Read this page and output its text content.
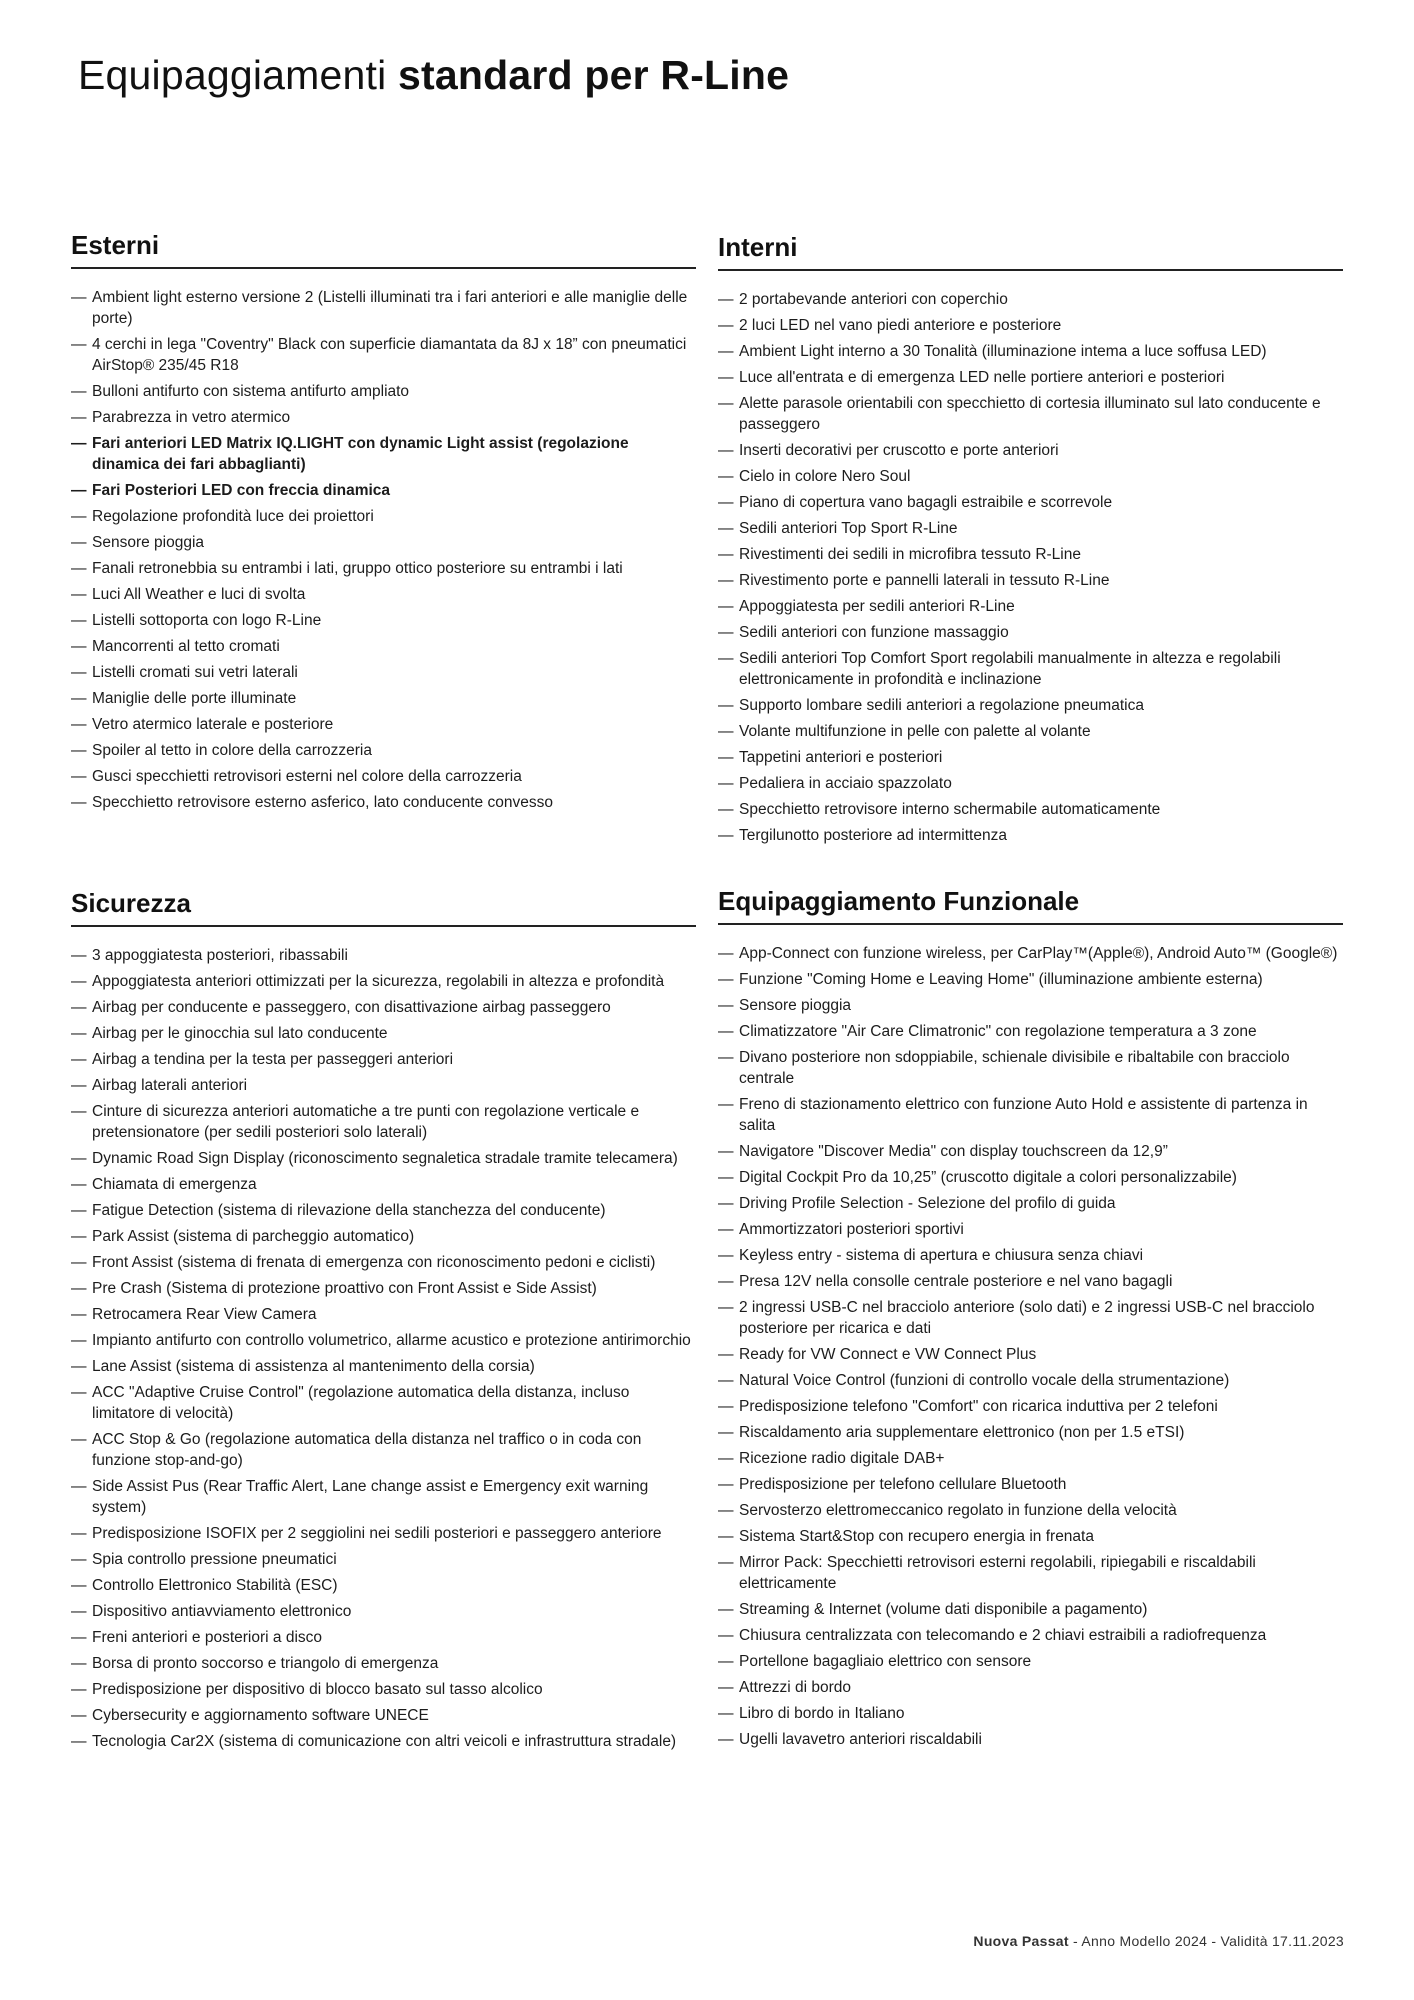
Equipaggiamenti standard per R-Line
Esterni
— Ambient light esterno versione 2 (Listelli illuminati tra i fari anteriori e alle maniglie delle porte)
— 4 cerchi in lega "Coventry" Black con superficie diamantata da 8J x 18” con pneumatici AirStop® 235/45 R18
— Bulloni antifurto con sistema antifurto ampliato
— Parabrezza in vetro atermico
— Fari anteriori LED Matrix IQ.LIGHT con dynamic Light assist (regolazione dinamica dei fari abbaglianti)
— Fari Posteriori LED con freccia dinamica
— Regolazione profondità luce dei proiettori
— Sensore pioggia
— Fanali retronebbia su entrambi i lati, gruppo ottico posteriore su entrambi i lati
— Luci All Weather e luci di svolta
— Listelli sottoporta con logo R-Line
— Mancorrenti al tetto cromati
— Listelli cromati sui vetri laterali
— Maniglie delle porte illuminate
— Vetro atermico laterale e posteriore
— Spoiler al tetto in colore della carrozzeria
— Gusci specchietti retrovisori esterni nel colore della carrozzeria
— Specchietto retrovisore esterno asferico, lato conducente convesso
Interni
— 2 portabevande anteriori con coperchio
— 2 luci LED nel vano piedi anteriore e posteriore
— Ambient Light interno a 30 Tonalità (illuminazione intema a luce soffusa LED)
— Luce all'entrata e di emergenza LED nelle portiere anteriori e posteriori
— Alette parasole orientabili con specchietto di cortesia illuminato sul lato conducente e passeggero
— Inserti decorativi per cruscotto e porte anteriori
— Cielo in colore Nero Soul
— Piano di copertura vano bagagli estraibile e scorrevole
— Sedili anteriori Top Sport R-Line
— Rivestimenti dei sedili in microfibra tessuto R-Line
— Rivestimento porte e pannelli laterali in tessuto R-Line
— Appoggiatesta per sedili anteriori R-Line
— Sedili anteriori con funzione massaggio
— Sedili anteriori Top Comfort Sport regolabili manualmente in altezza e regolabili elettronicamente in profondità e inclinazione
— Supporto lombare sedili anteriori a regolazione pneumatica
— Volante multifunzione in pelle con palette al volante
— Tappetini anteriori e posteriori
— Pedaliera in acciaio spazzolato
— Specchietto retrovisore interno schermabile automaticamente
— Tergilunotto posteriore ad intermittenza
Sicurezza
— 3 appoggiatesta posteriori, ribassabili
— Appoggiatesta anteriori ottimizzati per la sicurezza, regolabili in altezza e profondità
— Airbag per conducente e passeggero, con disattivazione airbag passeggero
— Airbag per le ginocchia sul lato conducente
— Airbag a tendina per la testa per passeggeri anteriori
— Airbag laterali anteriori
— Cinture di sicurezza anteriori automatiche a tre punti con regolazione verticale e pretensionatore (per sedili posteriori solo laterali)
— Dynamic Road Sign Display (riconoscimento segnaletica stradale tramite telecamera)
— Chiamata di emergenza
— Fatigue Detection (sistema di rilevazione della stanchezza del conducente)
— Park Assist (sistema di parcheggio automatico)
— Front Assist (sistema di frenata di emergenza con riconoscimento pedoni e ciclisti)
— Pre Crash (Sistema di protezione proattivo con Front Assist e Side Assist)
— Retrocamera Rear View Camera
— Impianto antifurto con controllo volumetrico, allarme acustico e protezione antirimorchio
— Lane Assist (sistema di assistenza al mantenimento della corsia)
— ACC "Adaptive Cruise Control" (regolazione automatica della distanza, incluso limitatore di velocità)
— ACC Stop & Go (regolazione automatica della distanza nel traffico o in coda con funzione stop-and-go)
— Side Assist Pus (Rear Traffic Alert, Lane change assist e Emergency exit warning system)
— Predisposizione ISOFIX per 2 seggiolini nei sedili posteriori e passeggero anteriore
— Spia controllo pressione pneumatici
— Controllo Elettronico Stabilità (ESC)
— Dispositivo antiavviamento elettronico
— Freni anteriori e posteriori a disco
— Borsa di pronto soccorso e triangolo di emergenza
— Predisposizione per dispositivo di blocco basato sul tasso alcolico
— Cybersecurity e aggiornamento software UNECE
— Tecnologia Car2X (sistema di comunicazione con altri veicoli e infrastruttura stradale)
Equipaggiamento Funzionale
— App-Connect con funzione wireless, per CarPlay™(Apple®), Android Auto™ (Google®)
— Funzione "Coming Home e Leaving Home" (illuminazione ambiente esterna)
— Sensore pioggia
— Climatizzatore "Air Care Climatronic" con regolazione temperatura a 3 zone
— Divano posteriore non sdoppiabile, schienale divisibile e ribaltabile con bracciolo centrale
— Freno di stazionamento elettrico con funzione Auto Hold e assistente di partenza in salita
— Navigatore "Discover Media" con display touchscreen da 12,9”
— Digital Cockpit Pro da 10,25” (cruscotto digitale a colori personalizzabile)
— Driving Profile Selection - Selezione del profilo di guida
— Ammortizzatori posteriori sportivi
— Keyless entry - sistema di apertura e chiusura senza chiavi
— Presa 12V nella consolle centrale posteriore e nel vano bagagli
— 2 ingressi USB-C nel bracciolo anteriore (solo dati) e 2 ingressi USB-C nel bracciolo posteriore per ricarica e dati
— Ready for VW Connect e VW Connect Plus
— Natural Voice Control (funzioni di controllo vocale della strumentazione)
— Predisposizione telefono "Comfort" con ricarica induttiva per 2 telefoni
— Riscaldamento aria supplementare elettronico (non per 1.5 eTSI)
— Ricezione radio digitale DAB+
— Predisposizione per telefono cellulare Bluetooth
— Servosterzo elettromeccanico regolato in funzione della velocità
— Sistema Start&Stop con recupero energia in frenata
— Mirror Pack: Specchietti retrovisori esterni regolabili, ripiegabili e riscaldabili elettricamente
— Streaming & Internet (volume dati disponibile a pagamento)
— Chiusura centralizzata con telecomando e 2 chiavi estraibili a radiofrequenza
— Portellone bagagliaio elettrico con sensore
— Attrezzi di bordo
— Libro di bordo in Italiano
— Ugelli lavavetro anteriori riscaldabili
Nuova Passat - Anno Modello 2024 - Validità 17.11.2023
